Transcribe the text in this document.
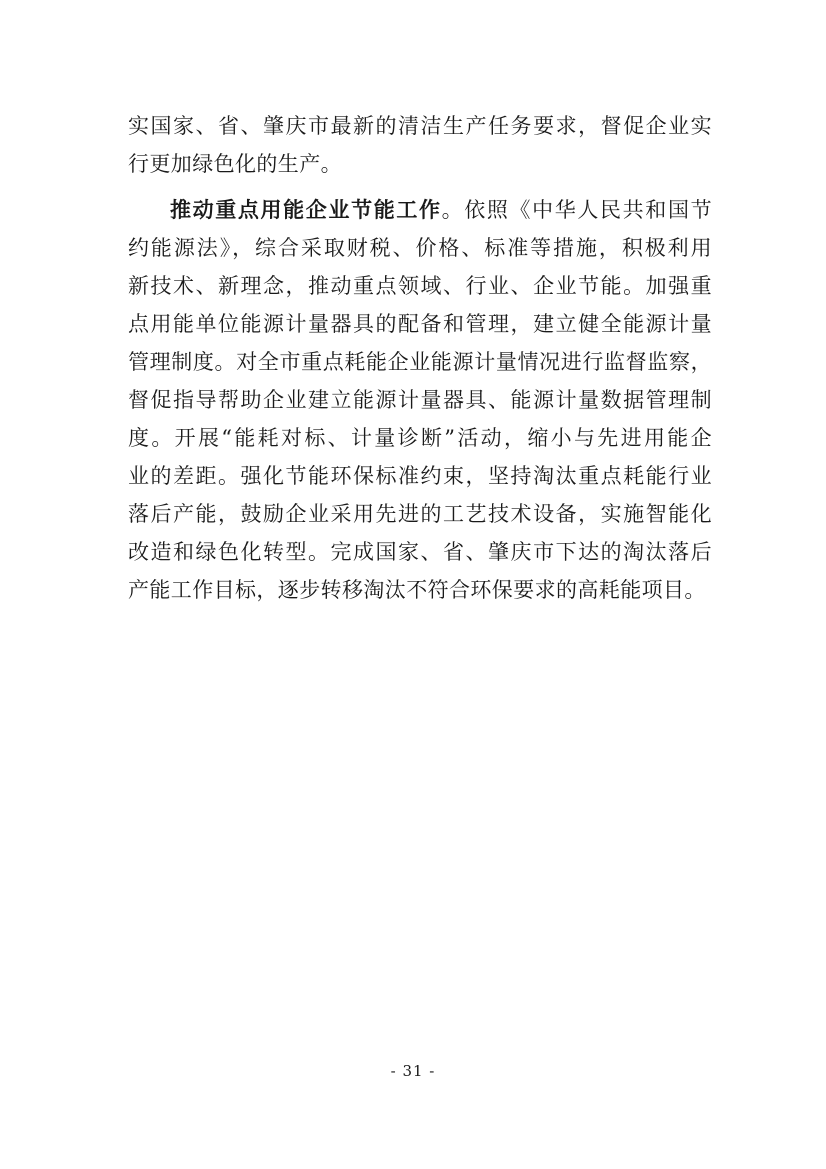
实国家、省、肇庆市最新的清洁生产任务要求，督促企业实
行更加绿色化的生产。
推动重点用能企业节能工作。依照《中华人民共和国节
约能源法》，综合采取财税、价格、标准等措施，积极利用
新技术、新理念，推动重点领域、行业、企业节能。加强重
点用能单位能源计量器具的配备和管理，建立健全能源计量
管理制度。对全市重点耗能企业能源计量情况进行监督监察，
督促指导帮助企业建立能源计量器具、能源计量数据管理制
度。开展“能耗对标、计量诊断”活动，缩小与先进用能企
业的差距。强化节能环保标准约束，坚持淘汰重点耗能行业
落后产能，鼓励企业采用先进的工艺技术设备，实施智能化
改造和绿色化转型。完成国家、省、肇庆市下达的淘汰落后
产能工作目标，逐步转移淘汰不符合环保要求的高耗能项目。
- 31 -
